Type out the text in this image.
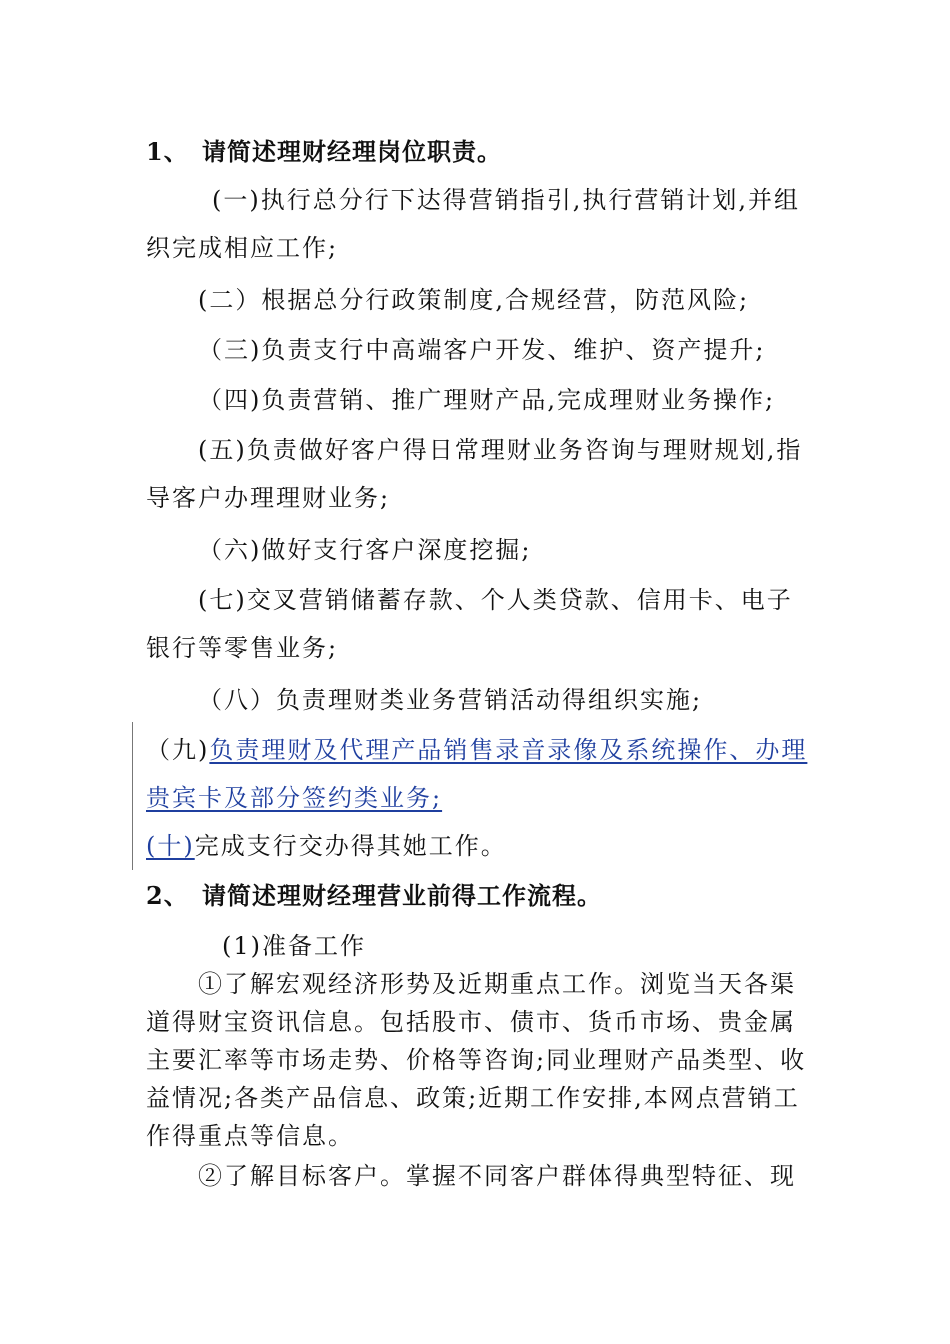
1、 请简述理财经理岗位职责。
(一)执行总分行下达得营销指引,执行营销计划,并组
织完成相应工作;
(二）根据总分行政策制度,合规经营，防范风险;
（三)负责支行中高端客户开发、维护、资产提升;
（四)负责营销、推广理财产品,完成理财业务操作;
(五)负责做好客户得日常理财业务咨询与理财规划,指
导客户办理理财业务;
（六)做好支行客户深度挖掘;
(七)交叉营销储蓄存款、个人类贷款、信用卡、电子
银行等零售业务;
（八）负责理财类业务营销活动得组织实施;
（九)负责理财及代理产品销售录音录像及系统操作、办理
贵宾卡及部分签约类业务;
(十)完成支行交办得其她工作。
2、 请简述理财经理营业前得工作流程。
(1)准备工作
①了解宏观经济形势及近期重点工作。浏览当天各渠
道得财宝资讯信息。包括股市、债市、货币市场、贵金属
主要汇率等市场走势、价格等咨询;同业理财产品类型、收
益情况;各类产品信息、政策;近期工作安排,本网点营销工
作得重点等信息。
②了解目标客户。掌握不同客户群体得典型特征、现
